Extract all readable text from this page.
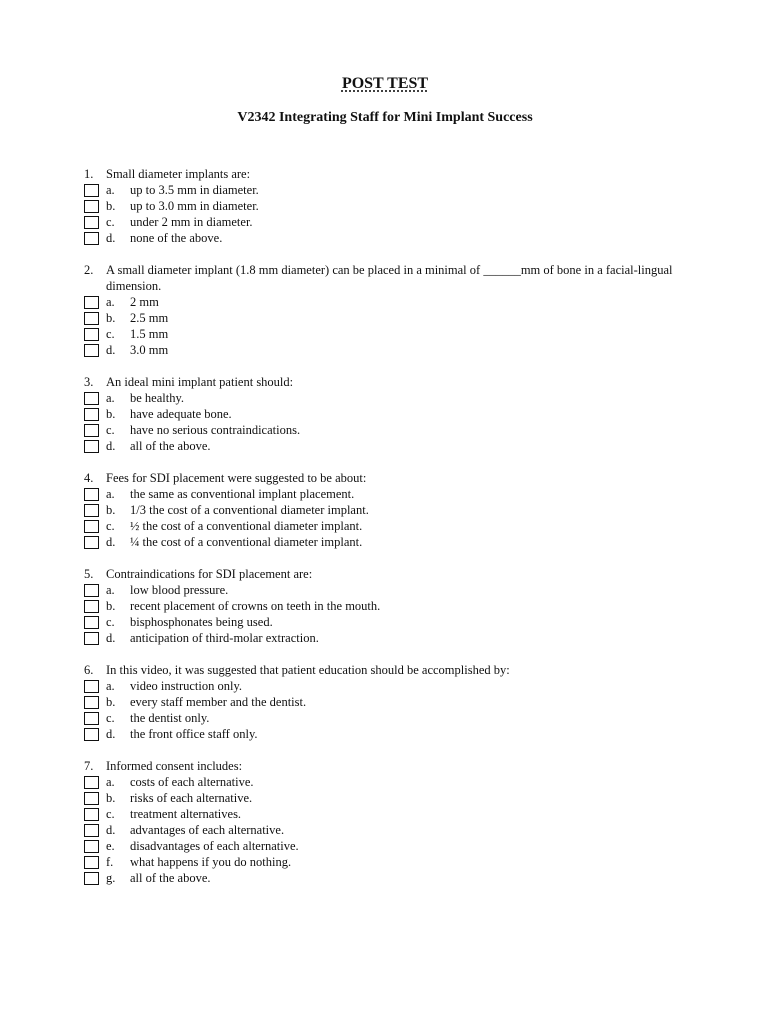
POST TEST
V2342 Integrating Staff for Mini Implant Success
1.	Small diameter implants are:
a.	up to 3.5 mm in diameter.
b.	up to 3.0 mm in diameter.
c.	under 2 mm in diameter.
d.	none of the above.
2.	A small diameter implant (1.8 mm diameter) can be placed in a minimal of ______mm of bone in a facial-lingual dimension.
a.	2 mm
b.	2.5 mm
c.	1.5 mm
d.	3.0 mm
3.	An ideal mini implant patient should:
a.	be healthy.
b.	have adequate bone.
c.	have no serious contraindications.
d.	all of the above.
4.	Fees for SDI placement were suggested to be about:
a.	the same as conventional implant placement.
b.	1/3 the cost of a conventional diameter implant.
c.	½ the cost of a conventional diameter implant.
d.	¼ the cost of a conventional diameter implant.
5.	Contraindications for SDI placement are:
a.	low blood pressure.
b.	recent placement of crowns on teeth in the mouth.
c.	bisphosphonates being used.
d.	anticipation of third-molar extraction.
6.	In this video, it was suggested that patient education should be accomplished by:
a.	video instruction only.
b.	every staff member and the dentist.
c.	the dentist only.
d.	the front office staff only.
7.	Informed consent includes:
a.	costs of each alternative.
b.	risks of each alternative.
c.	treatment alternatives.
d.	advantages of each alternative.
e.	disadvantages of each alternative.
f.	what happens if you do nothing.
g.	all of the above.
